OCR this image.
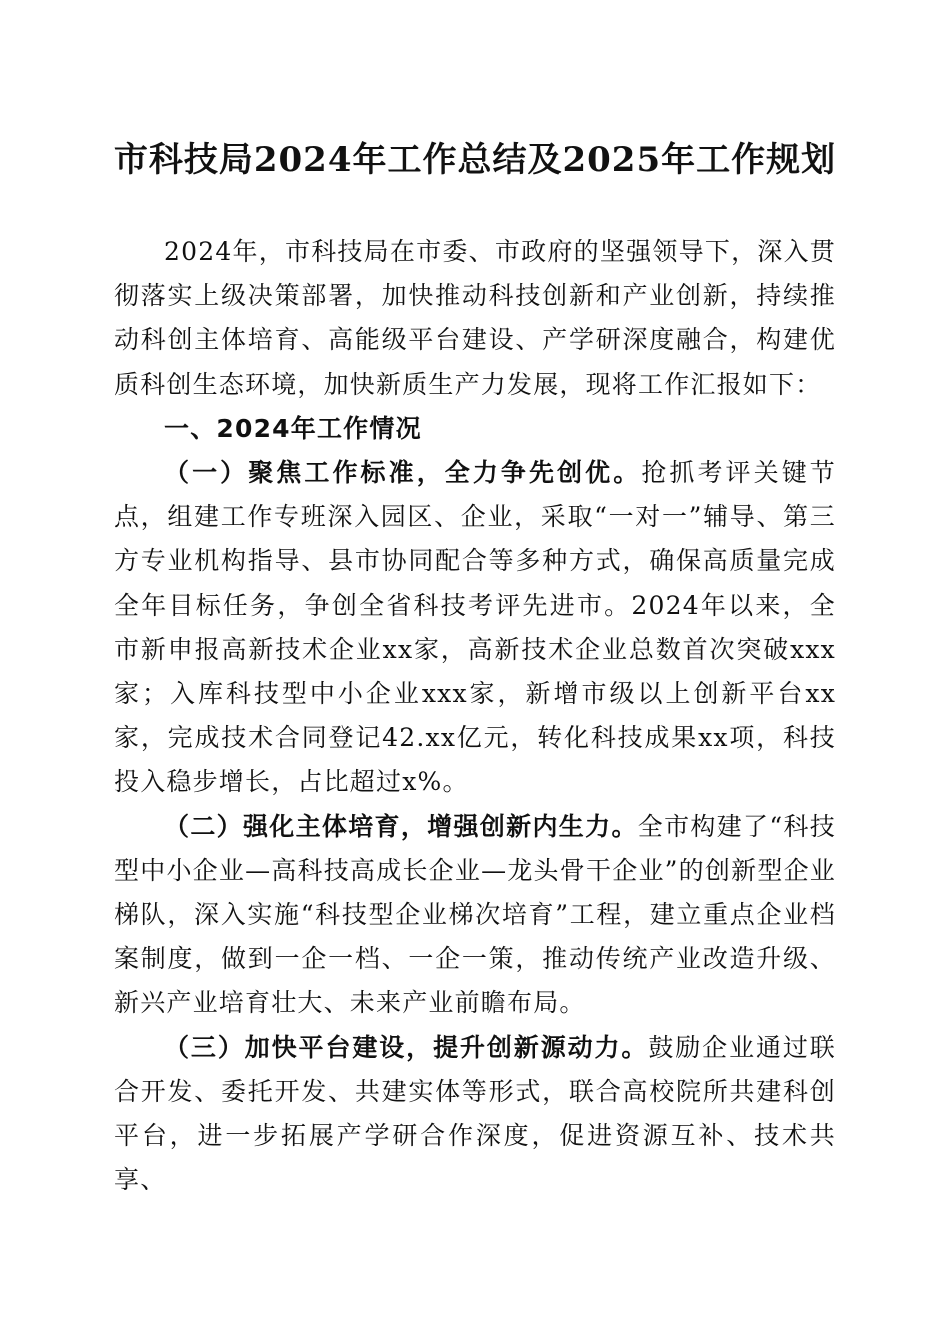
市科技局2024年工作总结及2025年工作规划

2024年，市科技局在市委、市政府的坚强领导下，深入贯彻落实上级决策部署，加快推动科技创新和产业创新，持续推动科创主体培育、高能级平台建设、产学研深度融合，构建优质科创生态环境，加快新质生产力发展，现将工作汇报如下：

一、2024年工作情况

（一）聚焦工作标准，全力争先创优。抢抓考评关键节点，组建工作专班深入园区、企业，采取“一对一”辅导、第三方专业机构指导、县市协同配合等多种方式，确保高质量完成全年目标任务，争创全省科技考评先进市。2024年以来，全市新申报高新技术企业xx家，高新技术企业总数首次突破xxx家；入库科技型中小企业xxx家，新增市级以上创新平台xx家，完成技术合同登记42.xx亿元，转化科技成果xx项，科技投入稳步增长，占比超过x%。

（二）强化主体培育，增强创新内生力。全市构建了“科技型中小企业—高科技高成长企业—龙头骨干企业”的创新型企业梯队，深入实施“科技型企业梯次培育”工程，建立重点企业档案制度，做到一企一档、一企一策，推动传统产业改造升级、新兴产业培育壮大、未来产业前瞻布局。

（三）加快平台建设，提升创新源动力。鼓励企业通过联合开发、委托开发、共建实体等形式，联合高校院所共建科创平台，进一步拓展产学研合作深度，促进资源互补、技术共享、
